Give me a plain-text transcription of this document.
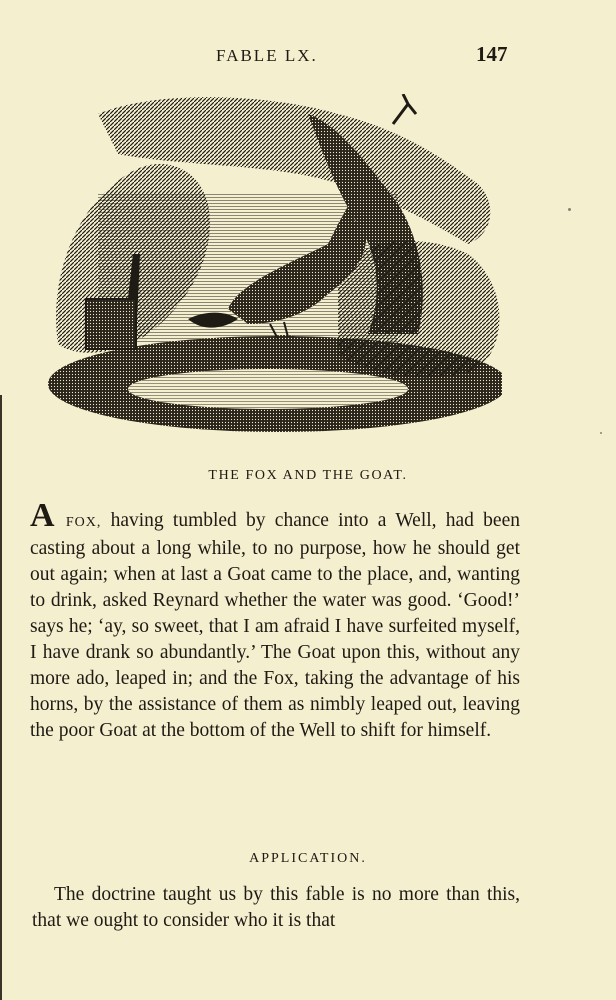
FABLE LX.	147
THE FOX AND THE GOAT.

A FOX, having tumbled by chance into a Well, had been casting about a long while, to no purpose, how he should get out again; when at last a Goat came to the place, and, wanting to drink, asked Reynard whether the water was good. ‘Good!’ says he; ‘ay, so sweet, that I am afraid I have surfeited myself, I have drank so abundantly.’ The Goat upon this, without any more ado, leaped in; and the Fox, taking the advantage of his horns, by the assistance of them as nimbly leaped out, leaving the poor Goat at the bottom of the Well to shift for himself.

APPLICATION.

The doctrine taught us by this fable is no more than this, that we ought to consider who it is that
